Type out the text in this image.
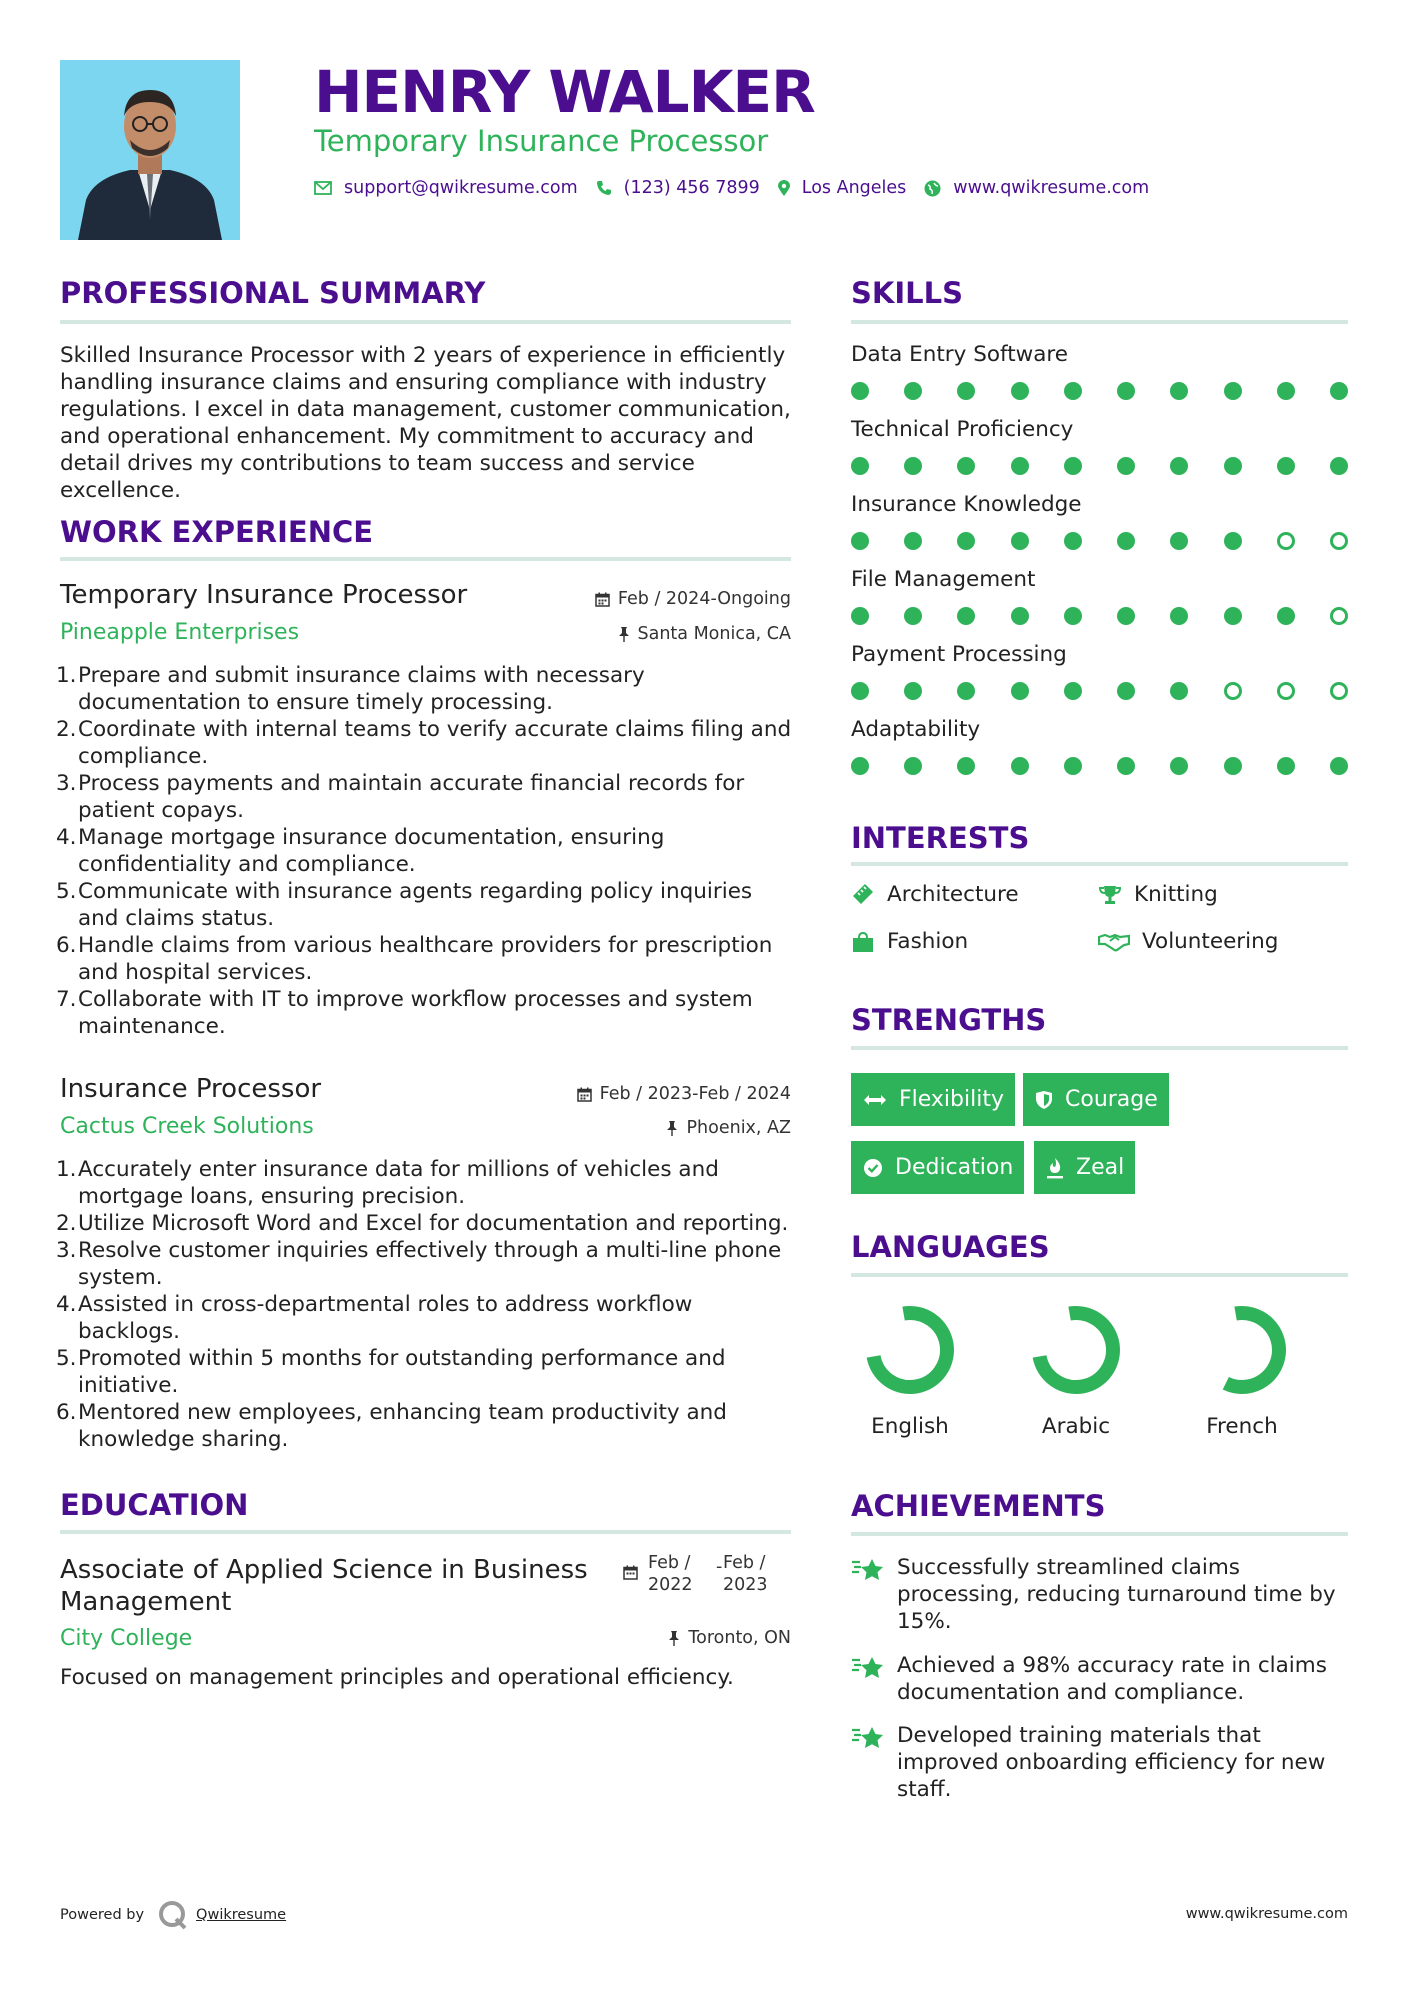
HENRY WALKER
Temporary Insurance Processor
support@qwikresume.com	(123) 456 7899 Los Angeles	www.qwikresume.com
PROFESSIONAL SUMMARY
Skilled Insurance Processor with 2 years of experience in efficiently handling insurance claims and ensuring compliance with industry regulations. I excel in data management, customer communication, and operational enhancement. My commitment to accuracy and detail drives my contributions to team success and service excellence.
WORK EXPERIENCE
Temporary Insurance Processor	Feb / 2024-Ongoing
Pineapple Enterprises	Santa Monica, CA
1. Prepare and submit insurance claims with necessary documentation to ensure timely processing.
2. Coordinate with internal teams to verify accurate claims filing and compliance.
3. Process payments and maintain accurate financial records for patient copays.
4. Manage mortgage insurance documentation, ensuring confidentiality and compliance.
5. Communicate with insurance agents regarding policy inquiries and claims status.
6. Handle claims from various healthcare providers for prescription and hospital services.
7. Collaborate with IT to improve workflow processes and system maintenance.
Insurance Processor	Feb / 2023-Feb / 2024
Cactus Creek Solutions	Phoenix, AZ
1. Accurately enter insurance data for millions of vehicles and mortgage loans, ensuring precision.
2. Utilize Microsoft Word and Excel for documentation and reporting.
3. Resolve customer inquiries effectively through a multi-line phone system.
4. Assisted in cross-departmental roles to address workflow backlogs.
5. Promoted within 5 months for outstanding performance and initiative.
6. Mentored new employees, enhancing team productivity and knowledge sharing.
EDUCATION
Associate of Applied Science in Business
Management
Feb /
2022
- Feb /
2023
City College	Toronto, ON
Focused on management principles and operational efficiency.
SKILLS
Data Entry Software
Technical Proficiency
Insurance Knowledge
File Management
Payment Processing
Adaptability
INTERESTS
Architecture	Knitting
Fashion	Volunteering
STRENGTHS
Flexibility	Courage
Dedication	Zeal
LANGUAGES
English	Arabic	French
ACHIEVEMENTS
Successfully streamlined claims processing, reducing turnaround time by 15%.
Achieved a 98% accuracy rate in claims documentation and compliance.
Developed training materials that improved onboarding efficiency for new staff.
Powered by	Qwikresume	www.qwikresume.com
